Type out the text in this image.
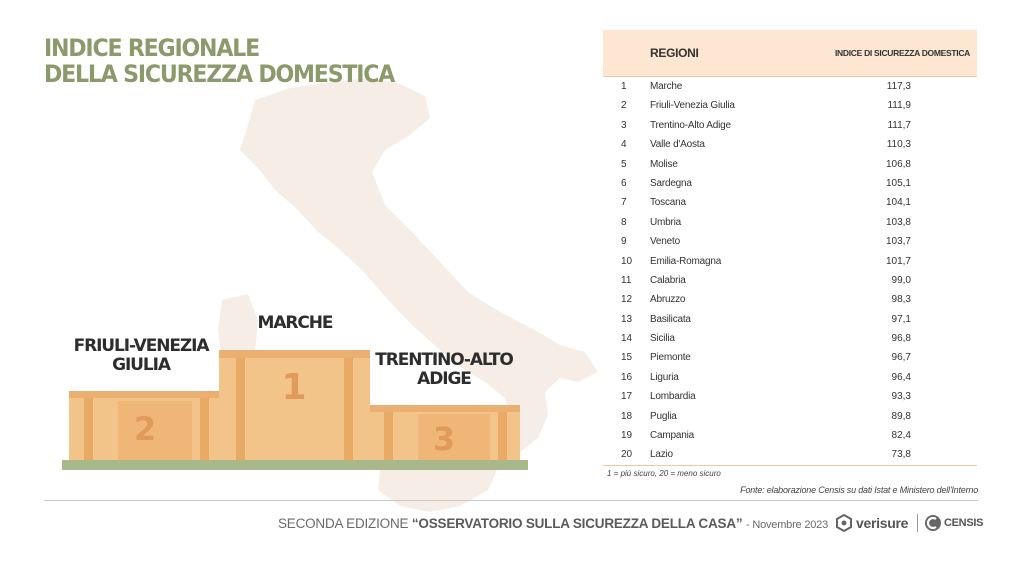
INDICE REGIONALE
DELLA SICUREZZA DOMESTICA
1
2	3
MARCHE
FRIULI-VENEZIA
GIULIA	TRENTINO-ALTO
ADIGE
REGIONI	INDICE DI SICUREZZA DOMESTICA
1 Marche	117,3
2 Friuli-Venezia Giulia	111,9
3 Trentino-Alto Adige	111,7
4 Valle d'Aosta	110,3
5 Molise	106,8
6 Sardegna	105,1
7 Toscana	104,1
8 Umbria	103,8
9 Veneto	103,7
10 Emilia-Romagna	101,7
11 Calabria	99,0
12 Abruzzo	98,3
13 Basilicata	97,1
14 Sicilia	96,8
15 Piemonte	96,7
16 Liguria	96,4
17 Lombardia	93,3
18 Puglia	89,8
19 Campania	82,4
20 Lazio	73,8
1 = più sicuro, 20 = meno sicuro
Fonte: elaborazione Censis su dati Istat e Ministero dell'Interno
SECONDA EDIZIONE “OSSERVATORIO SULLA SICUREZZA DELLA CASA” - Novembre 2023 verisure	CENSIS
